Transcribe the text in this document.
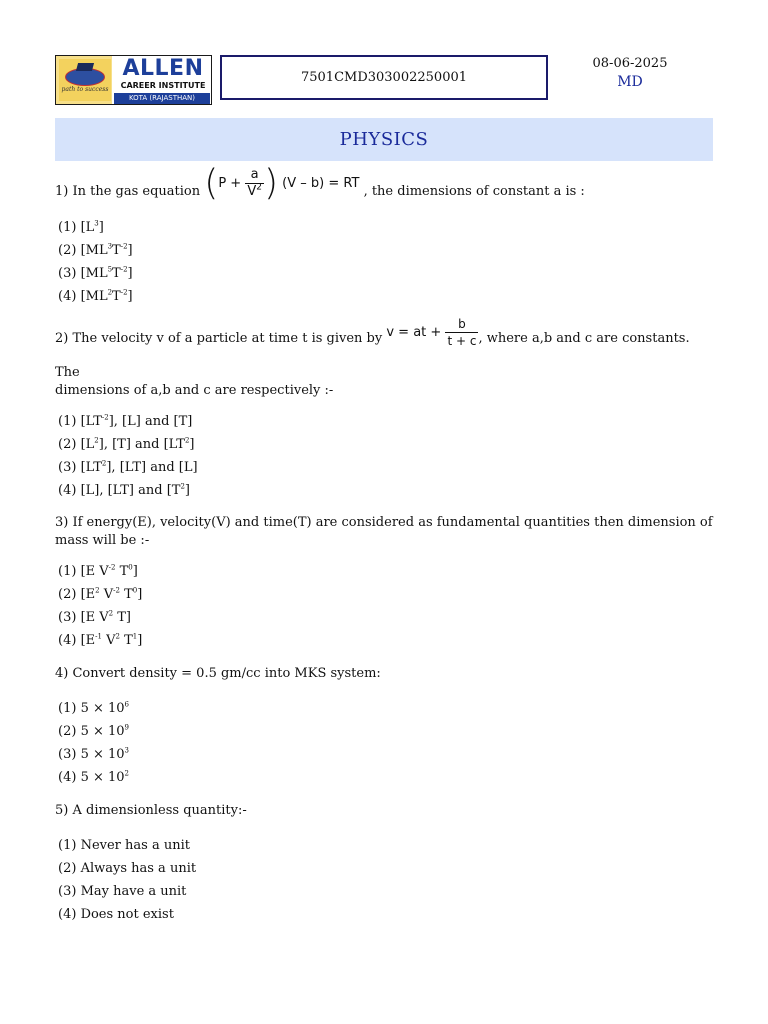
path to success
ALLEN
CAREER INSTITUTE
KOTA (RAJASTHAN)
7501CMD303002250001
08-06-2025
MD
PHYSICS

1) In the gas equation ($P + \frac{a}{V^2}$ ) (V – b) = RT , the dimensions of constant a is :

(1) $[L^3]$
(2) $[ML^3T^{-2}]$
(3) $[ML^5T^{-2}]$
(4) $[ML^2T^{-2}]$

2) The velocity v of a particle at time t is given by v = at + $\frac{b}{t + c}$ , where a,b and c are constants. The

dimensions of a,b and c are respectively :-

(1) $[LT^{-2}]$, [L] and [T]
(2) $[L^2]$, [T] and $[LT^2]$
(3) $[LT^2]$, [LT] and [L]
(4) [L], [LT] and $[T^2]$

3) If energy(E), velocity(V) and time(T) are considered as fundamental quantities then dimension of

mass will be :-

(1) [E $V^{-2}$ $T^0$]
(2) [$E^2$ $V^{-2}$ $T^0$]
(3) [E $V^2$ T]
(4) [$E^{-1}$ $V^2$ $T^1$]

4) Convert density = 0.5 gm/cc into MKS system:

(1) $5 \times 10^6$
(2) $5 \times 10^9$
(3) $5 \times 10^3$
(4) $5 \times 10^2$

5) A dimensionless quantity:-

(1) Never has a unit
(2) Always has a unit
(3) May have a unit
(4) Does not exist
